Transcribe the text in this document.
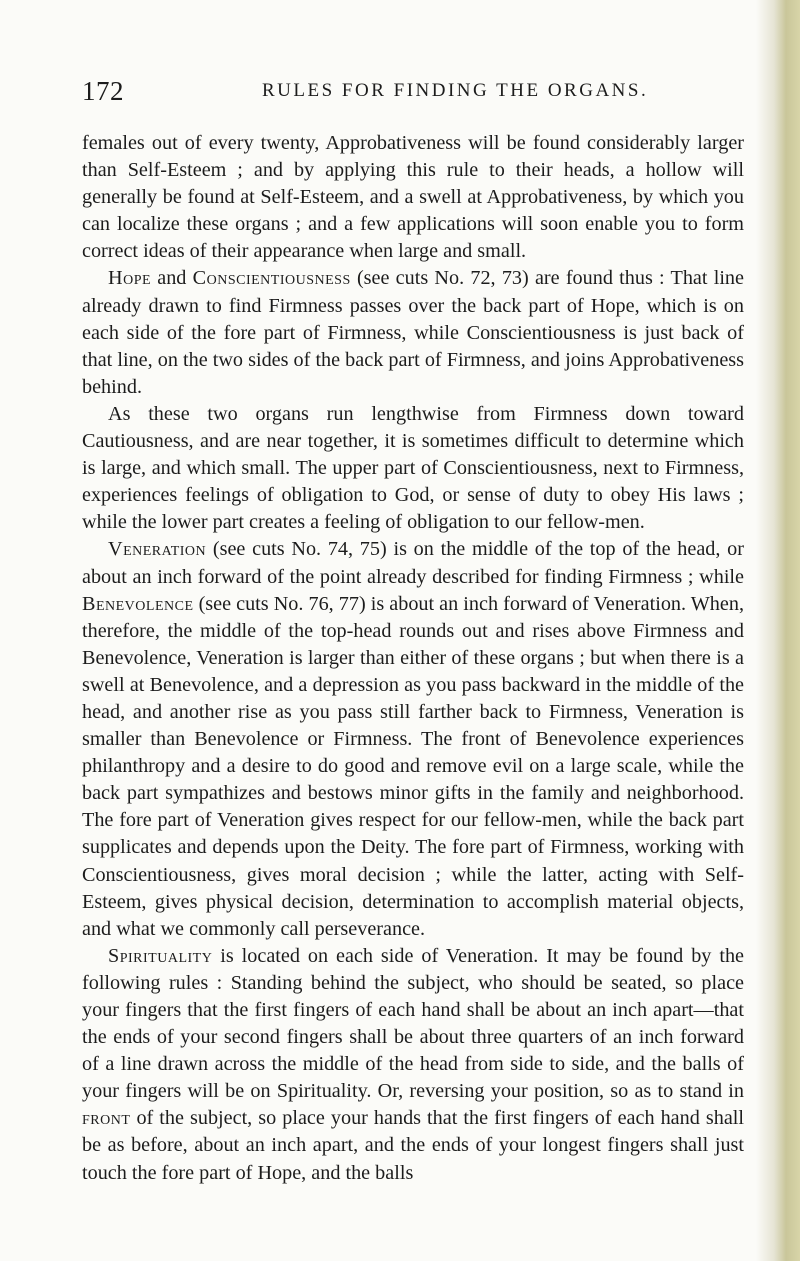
172	RULES FOR FINDING THE ORGANS.

females out of every twenty, Approbativeness will be found considerably larger than Self-Esteem ; and by applying this rule to their heads, a hollow will generally be found at Self-Esteem, and a swell at Approbativeness, by which you can localize these organs ; and a few applications will soon enable you to form correct ideas of their appearance when large and small.

Hope and Conscientiousness (see cuts No. 72, 73) are found thus : That line already drawn to find Firmness passes over the back part of Hope, which is on each side of the fore part of Firmness, while Conscientiousness is just back of that line, on the two sides of the back part of Firmness, and joins Approbativeness behind.

As these two organs run lengthwise from Firmness down toward Cautiousness, and are near together, it is sometimes difficult to determine which is large, and which small. The upper part of Conscientiousness, next to Firmness, experiences feelings of obligation to God, or sense of duty to obey His laws ; while the lower part creates a feeling of obligation to our fellow-men.

Veneration (see cuts No. 74, 75) is on the middle of the top of the head, or about an inch forward of the point already described for finding Firmness ; while Benevolence (see cuts No. 76, 77) is about an inch forward of Veneration. When, therefore, the middle of the top-head rounds out and rises above Firmness and Benevolence, Veneration is larger than either of these organs ; but when there is a swell at Benevolence, and a depression as you pass backward in the middle of the head, and another rise as you pass still farther back to Firmness, Veneration is smaller than Benevolence or Firmness. The front of Benevolence experiences philanthropy and a desire to do good and remove evil on a large scale, while the back part sympathizes and bestows minor gifts in the family and neighborhood. The fore part of Veneration gives respect for our fellow-men, while the back part supplicates and depends upon the Deity. The fore part of Firmness, working with Conscientiousness, gives moral decision ; while the latter, acting with Self-Esteem, gives physical decision, determination to accomplish material objects, and what we commonly call perseverance.

Spirituality is located on each side of Veneration. It may be found by the following rules : Standing behind the subject, who should be seated, so place your fingers that the first fingers of each hand shall be about an inch apart—that the ends of your second fingers shall be about three quarters of an inch forward of a line drawn across the middle of the head from side to side, and the balls of your fingers will be on Spirituality. Or, reversing your position, so as to stand in front of the subject, so place your hands that the first fingers of each hand shall be as before, about an inch apart, and the ends of your longest fingers shall just touch the fore part of Hope, and the balls
